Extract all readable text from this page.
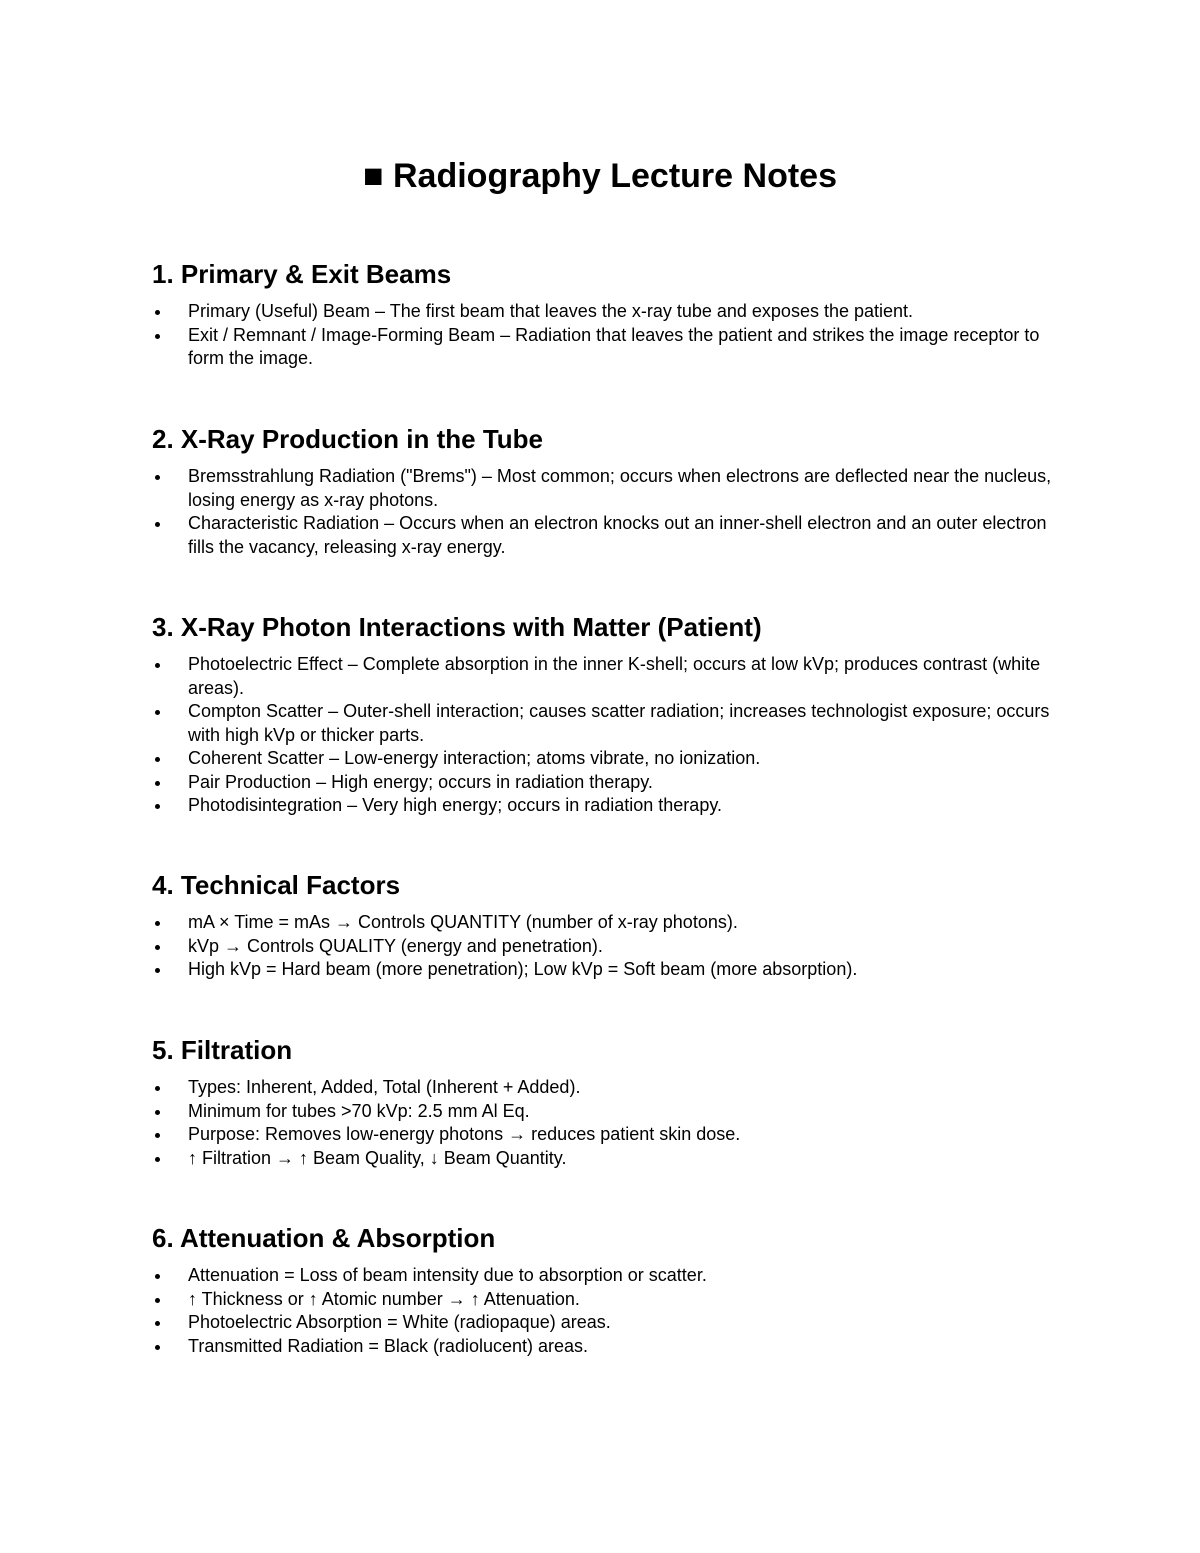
■ Radiography Lecture Notes
1. Primary & Exit Beams
Primary (Useful) Beam – The first beam that leaves the x-ray tube and exposes the patient.
Exit / Remnant / Image-Forming Beam – Radiation that leaves the patient and strikes the image receptor to form the image.
2. X-Ray Production in the Tube
Bremsstrahlung Radiation ("Brems") – Most common; occurs when electrons are deflected near the nucleus, losing energy as x-ray photons.
Characteristic Radiation – Occurs when an electron knocks out an inner-shell electron and an outer electron fills the vacancy, releasing x-ray energy.
3. X-Ray Photon Interactions with Matter (Patient)
Photoelectric Effect – Complete absorption in the inner K-shell; occurs at low kVp; produces contrast (white areas).
Compton Scatter – Outer-shell interaction; causes scatter radiation; increases technologist exposure; occurs with high kVp or thicker parts.
Coherent Scatter – Low-energy interaction; atoms vibrate, no ionization.
Pair Production – High energy; occurs in radiation therapy.
Photodisintegration – Very high energy; occurs in radiation therapy.
4. Technical Factors
mA × Time = mAs → Controls QUANTITY (number of x-ray photons).
kVp → Controls QUALITY (energy and penetration).
High kVp = Hard beam (more penetration); Low kVp = Soft beam (more absorption).
5. Filtration
Types: Inherent, Added, Total (Inherent + Added).
Minimum for tubes >70 kVp: 2.5 mm Al Eq.
Purpose: Removes low-energy photons → reduces patient skin dose.
↑ Filtration → ↑ Beam Quality, ↓ Beam Quantity.
6. Attenuation & Absorption
Attenuation = Loss of beam intensity due to absorption or scatter.
↑ Thickness or ↑ Atomic number → ↑ Attenuation.
Photoelectric Absorption = White (radiopaque) areas.
Transmitted Radiation = Black (radiolucent) areas.
